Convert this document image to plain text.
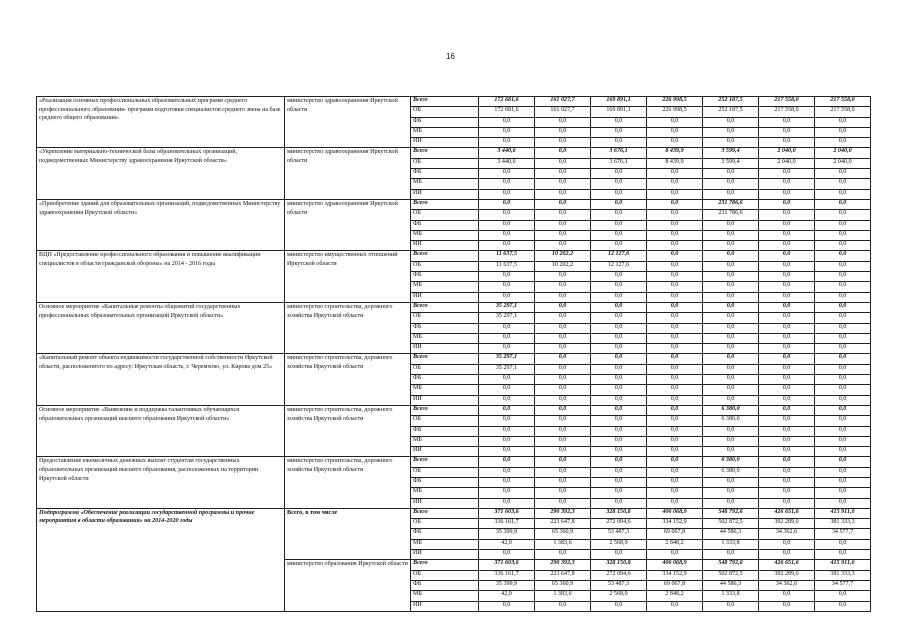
16
«Реализация основных профессиональных образовательных программ среднего профессионального образования- программ подготовки специалистов среднего звена на базе среднего общего образования»	министерство здравоохранения Иркутской области	Всего	172 681,6	161 027,7	169 891,1	226 998,5	252 187,5	217 558,0	217 558,0
		ОБ	172 681,6	161 027,7	169 891,1	226 998,5	252 187,5	217 558,0	217 558,0
		ФБ	0,0	0,0	0,0	0,0	0,0	0,0	0,0
		МБ	0,0	0,0	0,0	0,0	0,0	0,0	0,0
		ИИ	0,0	0,0	0,0	0,0	0,0	0,0	0,0
«Укрепление материально-технической базы образовательных организаций, подведомственных Министерству здравоохранения Иркутской области»	министерство здравоохранения Иркутской области	Всего	3 440,6	0,0	3 676,1	8 439,9	3 599,4	2 040,0	2 040,0
		ОБ	3 440,6	0,0	3 676,1	8 439,9	3 599,4	2 040,0	2 040,0
		ФБ	0,0	0,0	0,0	0,0	0,0	0,0	0,0
		МБ	0,0	0,0	0,0	0,0	0,0	0,0	0,0
		ИИ	0,0	0,0	0,0	0,0	0,0	0,0	0,0
«Приобретение зданий для образовательных организаций, подведомственных Министерству здравоохранения Иркутской области»	министерство здравоохранения Иркутской области	Всего	0,0	0,0	0,0	0,0	231 786,6	0,0	0,0
		ОБ	0,0	0,0	0,0	0,0	231 786,6	0,0	0,0
		ФБ	0,0	0,0	0,0	0,0	0,0	0,0	0,0
		МБ	0,0	0,0	0,0	0,0	0,0	0,0	0,0
		ИИ	0,0	0,0	0,0	0,0	0,0	0,0	0,0
ВЦП «Предоставление профессионального образования и повышение квалификации специалистов в области гражданской обороны» на 2014 - 2016 годы	министерство имущественных отношений Иркутской области	Всего	11 637,5	10 202,2	12 127,6	0,0	0,0	0,0	0,0
		ОБ	11 637,5	10 202,2	12 127,6	0,0	0,0	0,0	0,0
		ФБ	0,0	0,0	0,0	0,0	0,0	0,0	0,0
		МБ	0,0	0,0	0,0	0,0	0,0	0,0	0,0
		ИИ	0,0	0,0	0,0	0,0	0,0	0,0	0,0
Основное мероприятие «Капитальные ремонты общежитий государственных профессиональных образовательных организаций Иркутской области»	министерство строительства, дорожного хозяйства Иркутской области	Всего	35 297,1	0,0	0,0	0,0	0,0	0,0	0,0
		ОБ	35 297,1	0,0	0,0	0,0	0,0	0,0	0,0
		ФБ	0,0	0,0	0,0	0,0	0,0	0,0	0,0
		МБ	0,0	0,0	0,0	0,0	0,0	0,0	0,0
		ИИ	0,0	0,0	0,0	0,0	0,0	0,0	0,0
«Капитальный ремонт объекта недвижимости государственной собственности Иркутской области, расположенного по адресу: Иркутская область, г. Черемхово, ул. Кирова дом 25»	министерство строительства, дорожного хозяйства Иркутской области	Всего	35 297,1	0,0	0,0	0,0	0,0	0,0	0,0
		ОБ	35 297,1	0,0	0,0	0,0	0,0	0,0	0,0
		ФБ	0,0	0,0	0,0	0,0	0,0	0,0	0,0
		МБ	0,0	0,0	0,0	0,0	0,0	0,0	0,0
		ИИ	0,0	0,0	0,0	0,0	0,0	0,0	0,0
Основное мероприятие «Выявление и поддержка талантливых обучающихся образовательных организаций высшего образования Иркутской области»	министерство строительства, дорожного хозяйства Иркутской области	Всего	0,0	0,0	0,0	0,0	6 380,0	0,0	0,0
		ОБ	0,0	0,0	0,0	0,0	6 380,0	0,0	0,0
		ФБ	0,0	0,0	0,0	0,0	0,0	0,0	0,0
		МБ	0,0	0,0	0,0	0,0	0,0	0,0	0,0
		ИИ	0,0	0,0	0,0	0,0	0,0	0,0	0,0
Предоставление ежемесячных денежных выплат студентам государственных образовательных организаций высшего образования, расположенных на территории Иркутской области	министерство строительства, дорожного хозяйства Иркутской области	Всего	0,0	0,0	0,0	0,0	6 380,0	0,0	0,0
		ОБ	0,0	0,0	0,0	0,0	6 380,0	0,0	0,0
		ФБ	0,0	0,0	0,0	0,0	0,0	0,0	0,0
		МБ	0,0	0,0	0,0	0,0	0,0	0,0	0,0
		ИИ	0,0	0,0	0,0	0,0	0,0	0,0	0,0
Подпрограмма «Обеспечение реализации государственной программы и прочие мероприятия в области образования» на 2014-2020 годы	Всего, в том числе	Всего	371 603,6	290 392,3	328 150,8	406 068,9	548 792,6	426 651,6	415 911,0
		ОБ	336 161,7	223 647,8	272 094,6	334 152,9	502 872,5	392 289,0	381 333,3
		ФБ	35 399,9	65 360,9	53 487,3	69 067,8	44 586,3	34 362,6	34 577,7
		МБ	42,0	1 383,6	2 568,9	2 848,2	1 333,8	0,0	0,0
		ИИ	0,0	0,0	0,0	0,0	0,0	0,0	0,0
	министерство образования Иркутской области	Всего	371 603,6	290 392,3	328 150,8	406 068,9	548 792,6	426 651,6	415 911,0
		ОБ	336 161,7	223 647,8	272 094,6	334 152,9	502 872,5	392 289,0	381 333,3
		ФБ	35 399,9	65 360,9	53 487,3	69 067,8	44 586,3	34 362,6	34 577,7
		МБ	42,0	1 383,6	2 568,9	2 848,2	1 333,8	0,0	0,0
		ИИ	0,0	0,0	0,0	0,0	0,0	0,0	0,0
